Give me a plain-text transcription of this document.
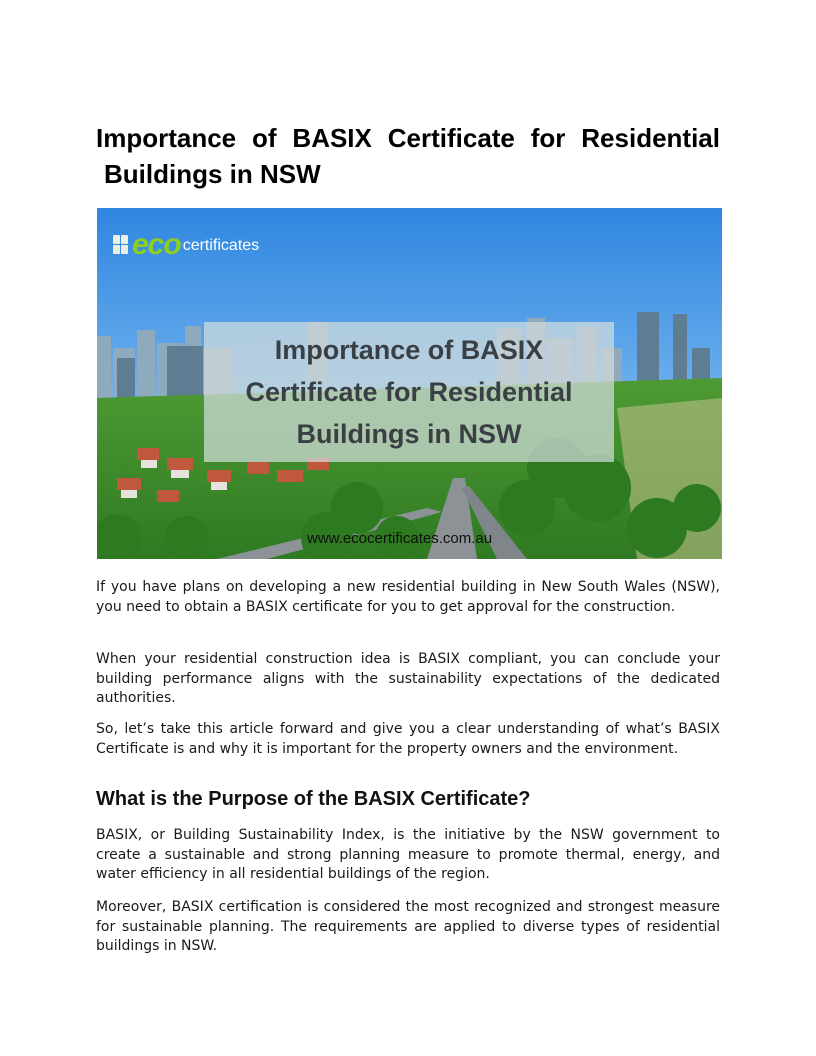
Importance of BASIX Certificate for Residential
Buildings in NSW
eco certificates
Importance of BASIX
Certificate for Residential
Buildings in NSW
www.ecocertificates.com.au

If you have plans on developing a new residential building in New South Wales (NSW), you need to obtain a BASIX certificate for you to get approval for the construction.

When your residential construction idea is BASIX compliant, you can conclude your building performance aligns with the sustainability expectations of the dedicated authorities.

So, let’s take this article forward and give you a clear understanding of what’s BASIX Certificate is and why it is important for the property owners and the environment.

What is the Purpose of the BASIX Certificate?

BASIX, or Building Sustainability Index, is the initiative by the NSW government to create a sustainable and strong planning measure to promote thermal, energy, and water efficiency in all residential buildings of the region.

Moreover, BASIX certification is considered the most recognized and strongest measure for sustainable planning. The requirements are applied to diverse types of residential buildings in NSW.
